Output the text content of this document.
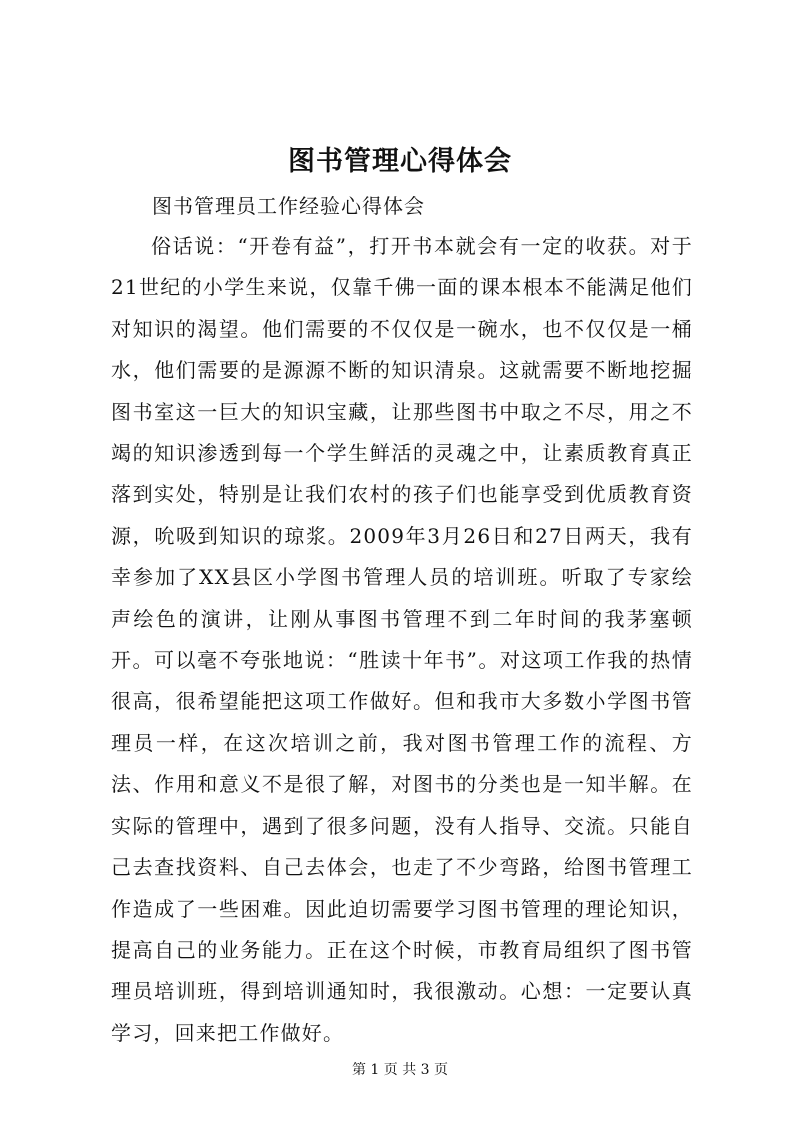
图书管理心得体会
图书管理员工作经验心得体会

俗话说：“开卷有益”，打开书本就会有一定的收获。对于21世纪的小学生来说，仅靠千佛一面的课本根本不能满足他们对知识的渴望。他们需要的不仅仅是一碗水，也不仅仅是一桶水，他们需要的是源源不断的知识清泉。这就需要不断地挖掘图书室这一巨大的知识宝藏，让那些图书中取之不尽，用之不竭的知识渗透到每一个学生鲜活的灵魂之中，让素质教育真正落到实处，特别是让我们农村的孩子们也能享受到优质教育资源，吮吸到知识的琼浆。2009年3月26日和27日两天，我有幸参加了XX县区小学图书管理人员的培训班。听取了专家绘声绘色的演讲，让刚从事图书管理不到二年时间的我茅塞顿开。可以毫不夸张地说：“胜读十年书”。对这项工作我的热情很高，很希望能把这项工作做好。但和我市大多数小学图书管理员一样，在这次培训之前，我对图书管理工作的流程、方法、作用和意义不是很了解，对图书的分类也是一知半解。在实际的管理中，遇到了很多问题，没有人指导、交流。只能自己去查找资料、自己去体会，也走了不少弯路，给图书管理工作造成了一些困难。因此迫切需要学习图书管理的理论知识，提高自己的业务能力。正在这个时候，市教育局组织了图书管理员培训班，得到培训通知时，我很激动。心想：一定要认真学习，回来把工作做好。

第 1 页 共 3 页
